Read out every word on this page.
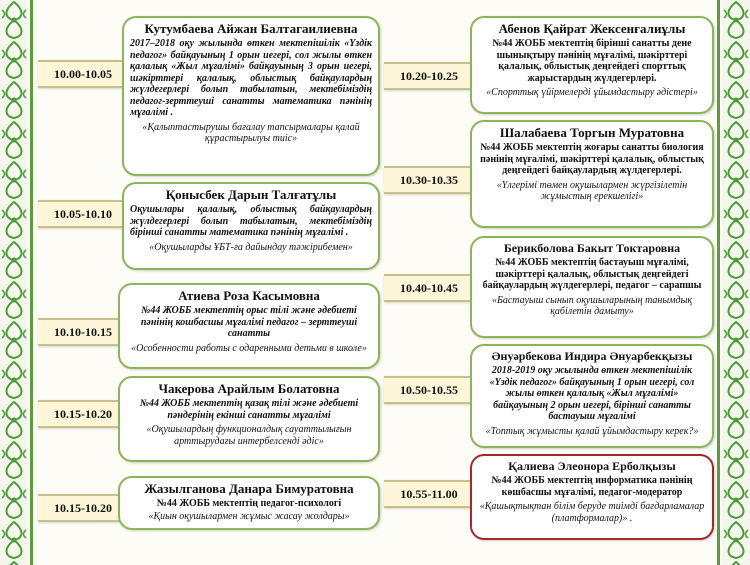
10.00-10.05
Кутумбаева Айжан Балтагаилиевна
2017–2018 оқу жылында өткен мектепішілік «Үздік педагог» байқауының 1 орын иегері, сол жылы өткен қалалық «Жыл мұғалімі» байқауының 3 орын иегері, шәкірттері қалалық, облыстық байқаулардың жүлдегерлері болып табылатын, мектебімiздің педагог-зерттеуші санатты математика пәнінің мұғалімі .
«Қалыптастырушы бағалау тапсырмалары қалай құрастырылуы тиіс»
10.05-10.10
Қонысбек Дарын Талғатұлы
Оқушылары қалалық, облыстық байқаулардың жүлдегерлері болып табылатын, мектебімiздің бірінші санатты математика пәнінің мұғалімі .
«Оқушыларды ҰБТ-ға дайындау тәжірибемен»
10.10-10.15
Атиева Роза Касымовна
№44 ЖОББ мектептің орыс тілі және әдебиеті пәнінің кошбасшы мұғалімі педагог – зерттеуші санатты
«Особенности работы с одаренными детьми в школе»
10.15-10.20
Чакерова Арайлым Болатовна
№44 ЖОББ мектептің қазақ тілі және әдебиеті пәндерінің екінші санатты мұғалімі
«Оқушылардың функционалдық сауаттылығын арттырудағы интербелсенді әдіс»
10.15-10.20
Жазылганова Данара Бимуратовна
№44 ЖОББ мектептің педагог-психологі
«Қиын оқушылармен жұмыс жасау жолдары»
10.20-10.25
Абенов Қайрат Жексенғалиұлы
№44 ЖОББ мектептің бірінші санатты дене шынықтыру пәнінің мұғалімі, шәкірттері қалалық, облыстық деңгейдегі спорттық жарыстардың жүлдегерлері.
«Спорттық үйірмелерді ұйымдастыру әдістері»
10.30-10.35
Шалабаева Торгын Муратовна
№44 ЖОББ мектептің жоғары санатты биология пәнінің мұғалімі, шәкірттері қалалық, облыстық деңгейдегі байқаулардың жүлдегерлері.
«Үлгерімі төмен оқушылармен жүргізілетін жұмыстың ерекшелігі»
10.40-10.45
Берикболова Бакыт Токтаровна
№44 ЖОББ мектептің бастауыш мұғалімі, шәкірттері қалалық, облыстық деңгейдегі байқаулардың жүлдегерлері, педагог – сарапшы
«Бастауыш сынып оқушыларының танымдық қабілетін дамыту»
10.50-10.55
Әнуәрбекова Индира Әнуарбекқызы
2018-2019 оқу жылында өткен мектепішілік «Үздік педагог» байқауының 1 орын иегері, сол жылы өткен қалалық «Жыл мұғалімі» байқауының 2 орын иегері, бірінші санатты бастауыш мұғалімі
«Топтық жұмысты қалай ұйымдастыру керек?»
10.55-11.00
Қалиева Элеонора Ерболқызы
№44 ЖОББ мектептің информатика пәнінің көшбасшы мұғалімі, педагог-модератор
«Қашықтықтан білім беруде тиімді бағдарламалар (платформалар)» .
